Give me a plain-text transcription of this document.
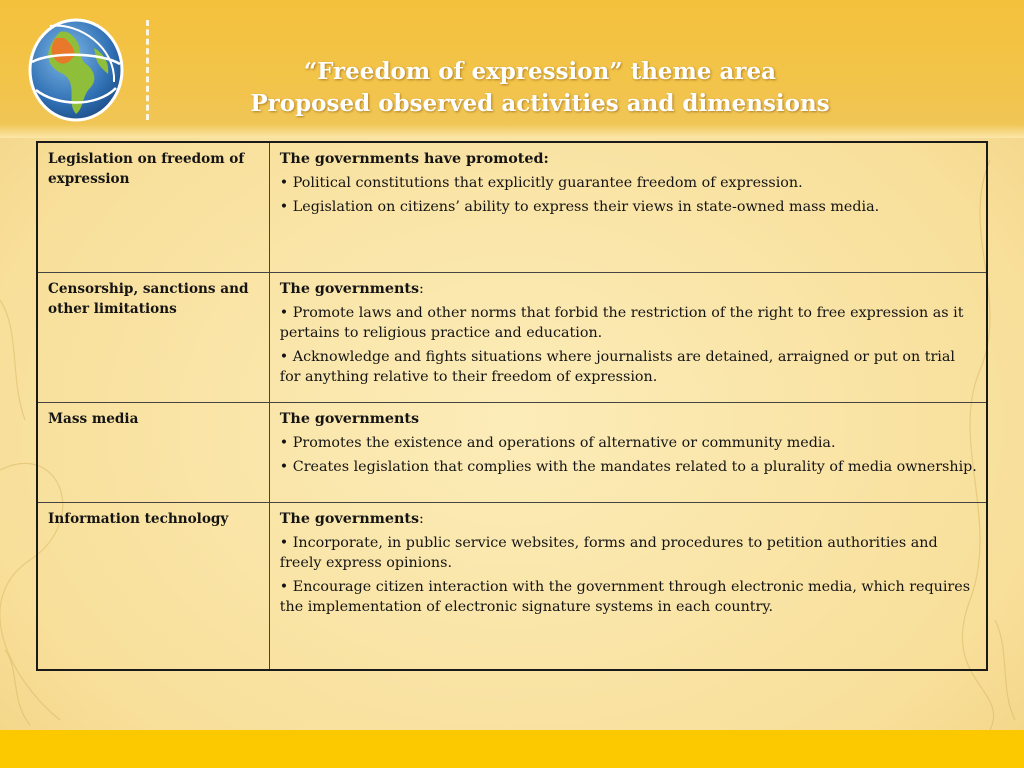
“Freedom of expression” theme area
Proposed observed activities and dimensions
Legislation on freedom of expression	The governments have promoted:
• Political constitutions that explicitly guarantee freedom of expression.
• Legislation on citizens’ ability to express their views in state-owned mass media.

Censorship, sanctions and other limitations	The governments:
• Promote laws and other norms that forbid the restriction of the right to free expression as it pertains to religious practice and education.
• Acknowledge and fights situations where journalists are detained, arraigned or put on trial for anything relative to their freedom of expression.

Mass media	The governments
• Promotes the existence and operations of alternative or community media.
• Creates legislation that complies with the mandates related to a plurality of media ownership.

Information technology	The governments:
• Incorporate, in public service websites, forms and procedures to petition authorities and freely express opinions.
• Encourage citizen interaction with the government through electronic media, which requires the implementation of electronic signature systems in each country.
